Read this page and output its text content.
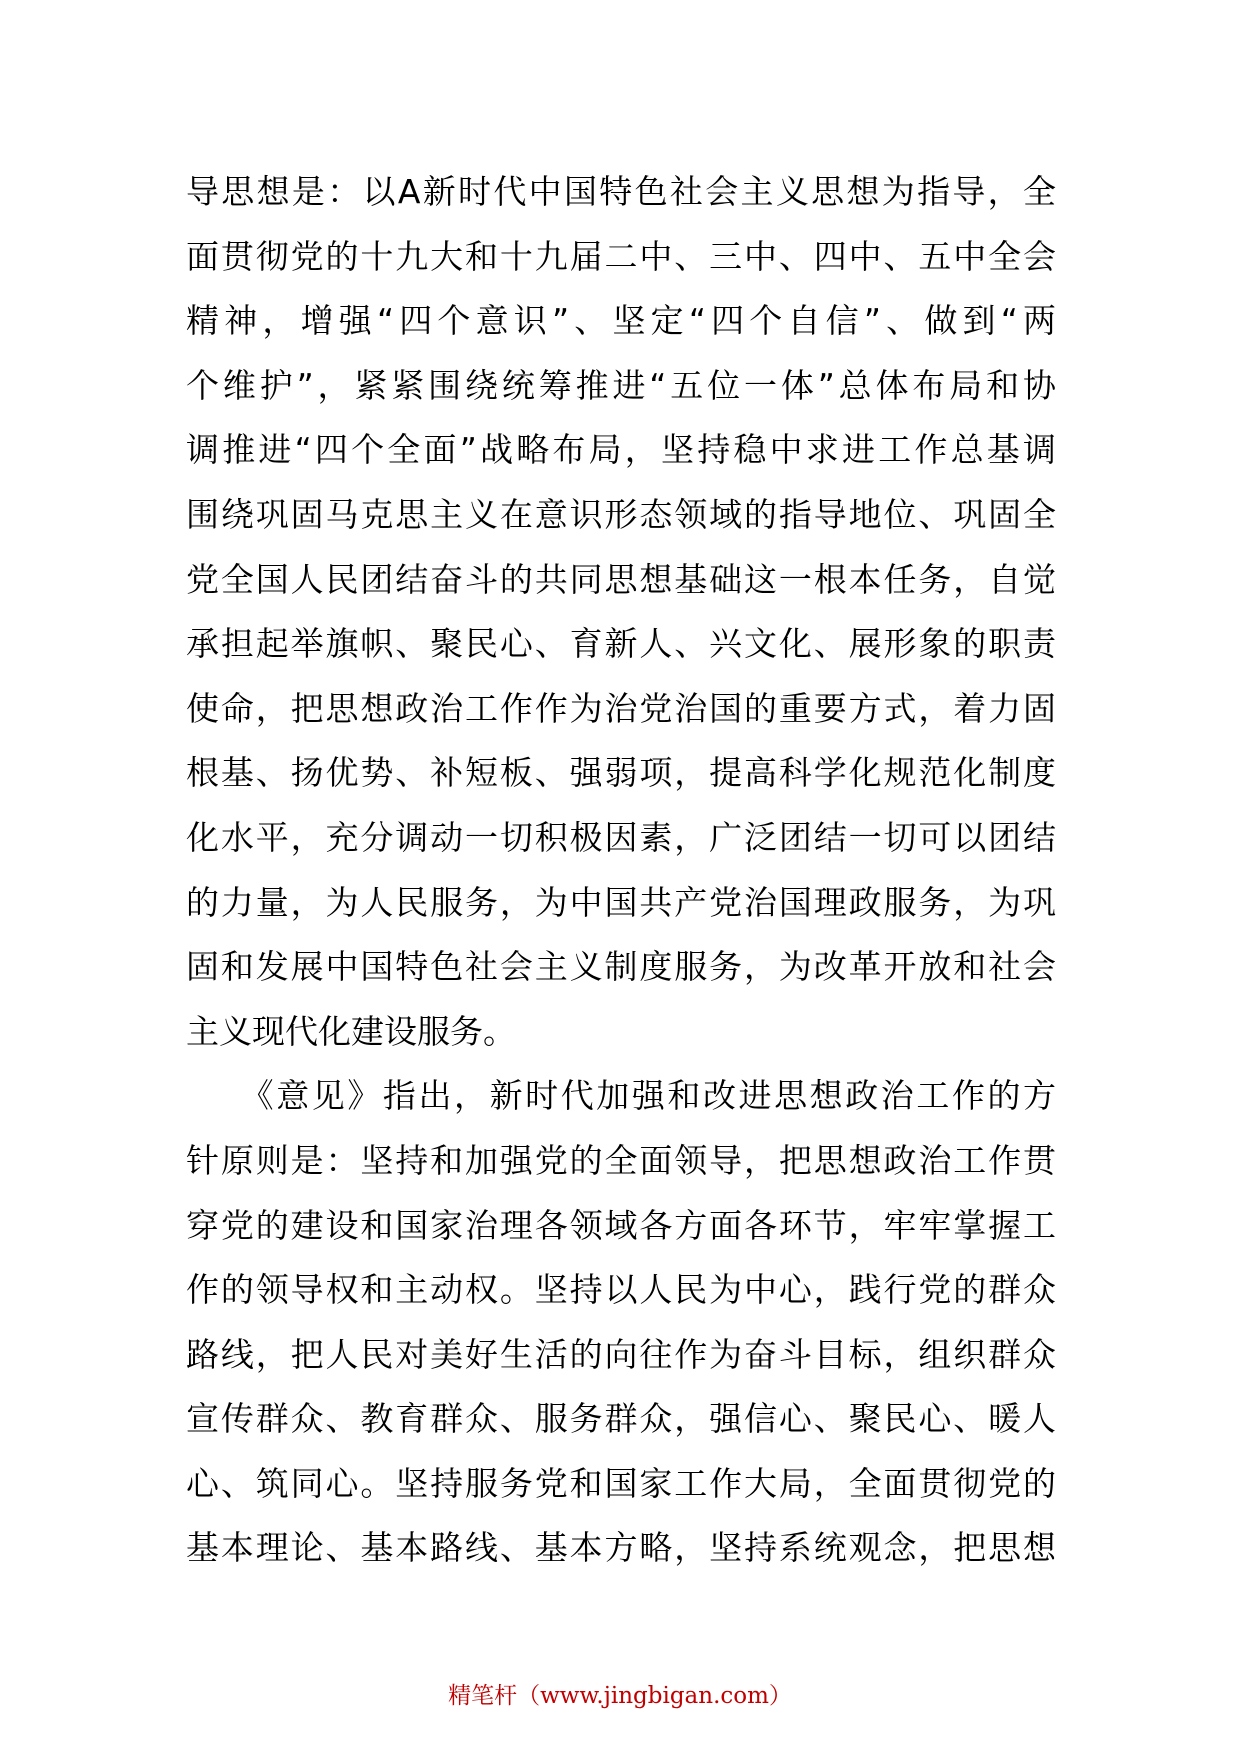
导思想是：以A新时代中国特色社会主义思想为指导，全
面贯彻党的十九大和十九届二中、三中、四中、五中全会
精神，增强“四个意识”、坚定“四个自信”、做到“两
个维护”，紧紧围绕统筹推进“五位一体”总体布局和协
调推进“四个全面”战略布局，坚持稳中求进工作总基调
围绕巩固马克思主义在意识形态领域的指导地位、巩固全
党全国人民团结奋斗的共同思想基础这一根本任务，自觉
承担起举旗帜、聚民心、育新人、兴文化、展形象的职责
使命，把思想政治工作作为治党治国的重要方式，着力固
根基、扬优势、补短板、强弱项，提高科学化规范化制度
化水平，充分调动一切积极因素，广泛团结一切可以团结
的力量，为人民服务，为中国共产党治国理政服务，为巩
固和发展中国特色社会主义制度服务，为改革开放和社会
主义现代化建设服务。
　　《意见》指出，新时代加强和改进思想政治工作的方
针原则是：坚持和加强党的全面领导，把思想政治工作贯
穿党的建设和国家治理各领域各方面各环节，牢牢掌握工
作的领导权和主动权。坚持以人民为中心，践行党的群众
路线，把人民对美好生活的向往作为奋斗目标，组织群众
宣传群众、教育群众、服务群众，强信心、聚民心、暖人
心、筑同心。坚持服务党和国家工作大局，全面贯彻党的
基本理论、基本路线、基本方略，坚持系统观念，把思想
精笔杆（www.jingbigan.com）
